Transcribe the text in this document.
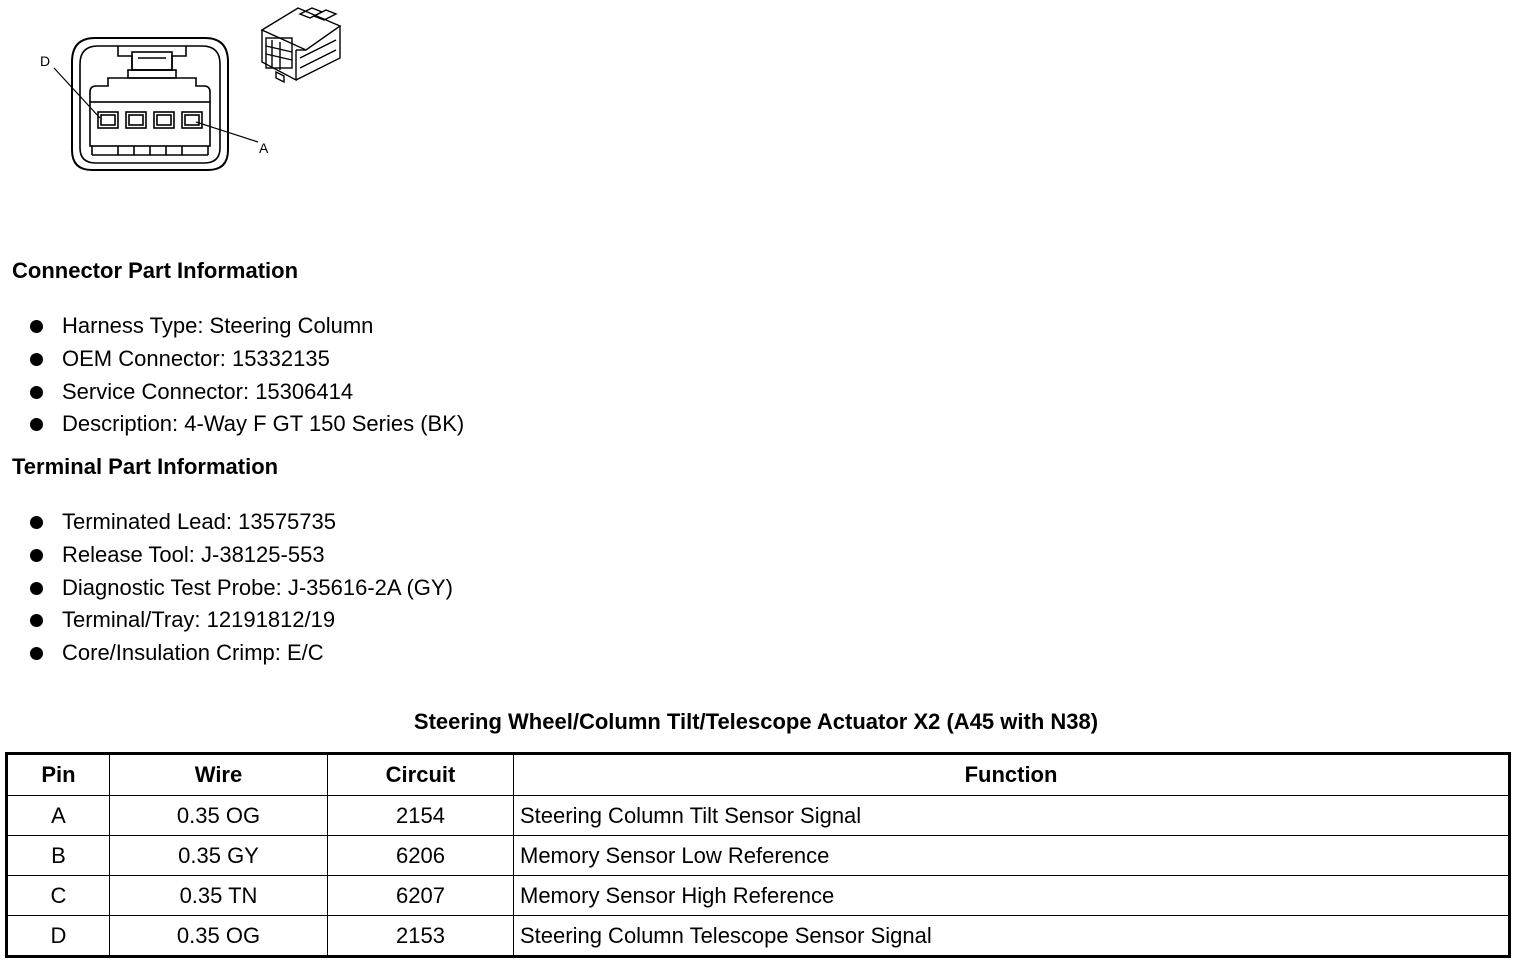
D
A
Connector Part Information
Harness Type: Steering Column
OEM Connector: 15332135
Service Connector: 15306414
Description: 4-Way F GT 150 Series (BK)
Terminal Part Information
Terminated Lead: 13575735
Release Tool: J-38125-553
Diagnostic Test Probe: J-35616-2A (GY)
Terminal/Tray: 12191812/19
Core/Insulation Crimp: E/C
Steering Wheel/Column Tilt/Telescope Actuator X2 (A45 with N38)
Pin	Wire	Circuit	Function
A	0.35 OG	2154	Steering Column Tilt Sensor Signal
B	0.35 GY	6206	Memory Sensor Low Reference
C	0.35 TN	6207	Memory Sensor High Reference
D	0.35 OG	2153	Steering Column Telescope Sensor Signal
